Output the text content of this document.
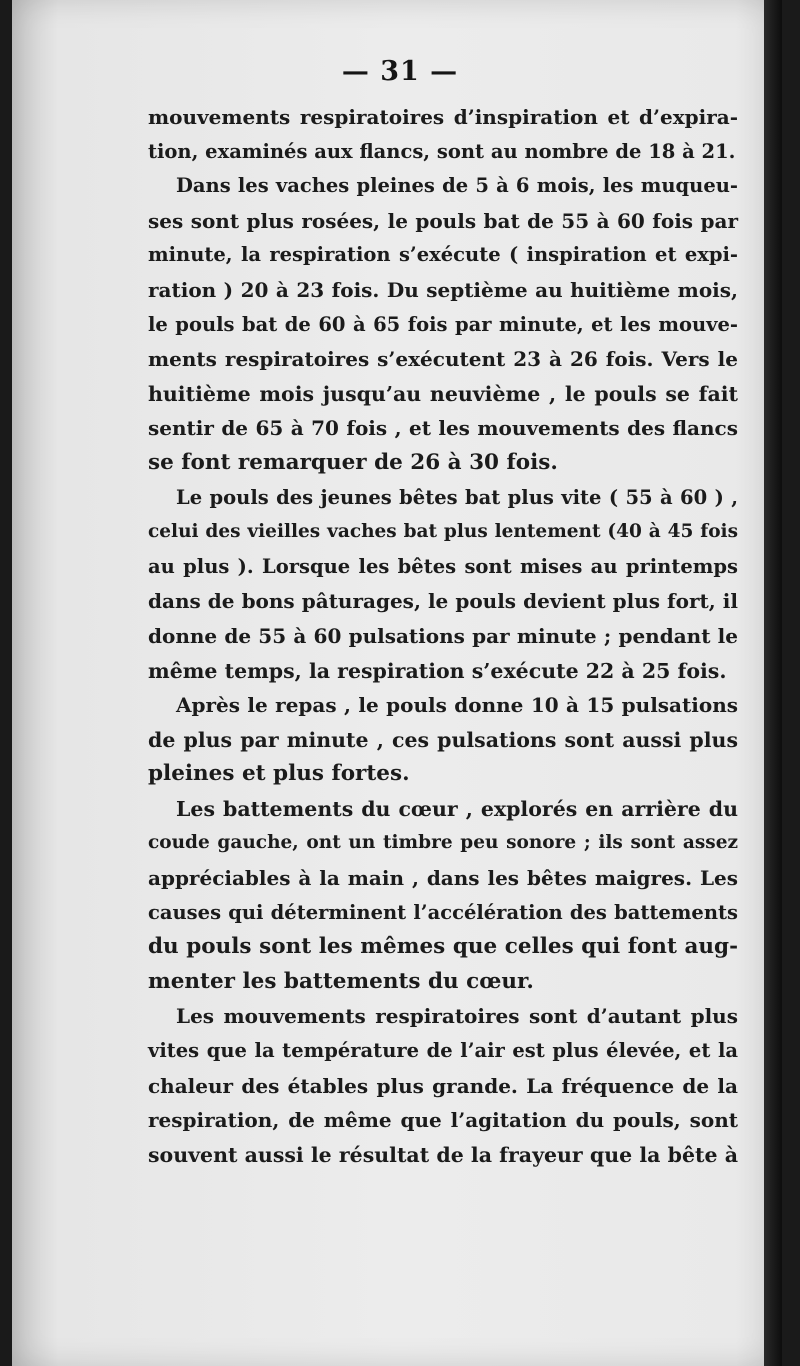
— 31 —
mouvements respiratoires d’inspiration et d’expira-
tion, examinés aux flancs, sont au nombre de 18 à 21.
Dans les vaches pleines de 5 à 6 mois, les muqueu-
ses sont plus rosées, le pouls bat de 55 à 60 fois par
minute, la respiration s’exécute ( inspiration et expi-
ration ) 20 à 23 fois. Du septième au huitième mois,
le pouls bat de 60 à 65 fois par minute, et les mouve-
ments respiratoires s’exécutent 23 à 26 fois. Vers le
huitième mois jusqu’au neuvième , le pouls se fait
sentir de 65 à 70 fois , et les mouvements des flancs
se font remarquer de 26 à 30 fois.
Le pouls des jeunes bêtes bat plus vite ( 55 à 60 ) ,
celui des vieilles vaches bat plus lentement (40 à 45 fois
au plus ). Lorsque les bêtes sont mises au printemps
dans de bons pâturages, le pouls devient plus fort, il
donne de 55 à 60 pulsations par minute ; pendant le
même temps, la respiration s’exécute 22 à 25 fois.
Après le repas , le pouls donne 10 à 15 pulsations
de plus par minute , ces pulsations sont aussi plus
pleines et plus fortes.
Les battements du cœur , explorés en arrière du
coude gauche, ont un timbre peu sonore ; ils sont assez
appréciables à la main , dans les bêtes maigres. Les
causes qui déterminent l’accélération des battements
du pouls sont les mêmes que celles qui font aug-
menter les battements du cœur.
Les mouvements respiratoires sont d’autant plus
vites que la température de l’air est plus élevée, et la
chaleur des étables plus grande. La fréquence de la
respiration, de même que l’agitation du pouls, sont
souvent aussi le résultat de la frayeur que la bête à
